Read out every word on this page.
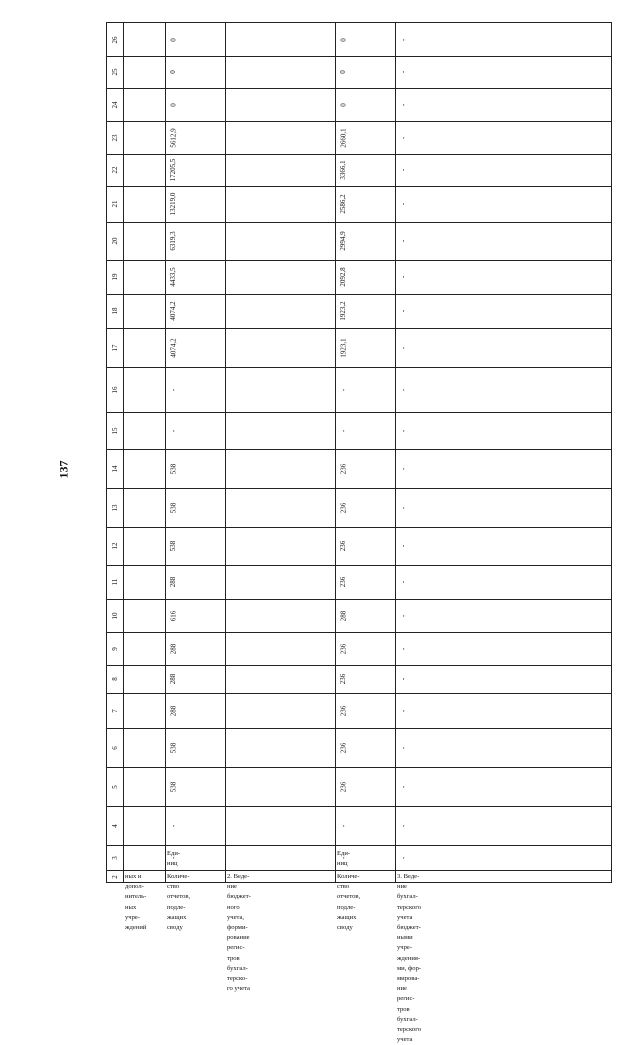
137
26
25
24
23
22
21
20
19
18
17
16
15
14
13
12
11
10
9
8
7
6
5
4
3
2 ных и
допол-
нитель-
ных
учре-
ждений
Количе-
ство
отчетов,
подле-
жащих
своду
Еди-
ниц
-
-
538
538
288
288
288
616
288
538
538
538
-
-
4074,2
4074,2
4433,5
6319,3
13219,0
17205,5
5612,9
0
0
0
2. Веде-
ние
бюджет-
ного
учета,
форми-
рование
регис-
тров
бухгал-
терско-
го учета
Количе-
ство
отчетов,
подле-
жащих
своду
Еди-
ниц
-
-
236
236
236
236
236
288
236
236
236
236
-
-
1923,1
1923,2
2092,8
2994,9
2586,2
3366,1
2660,1
0
0
0
3. Веде-
ние
бухгал-
терского
учета
бюджет-
ными
учре-
ждения-
ми, фор-
мирова-
ние
регис-
тров
бухгал-
терского
учета
-
-
-
-
-
-
-
-
-
-
-
-
-
-
-
-
-
-
-
-
-
-
-
-
